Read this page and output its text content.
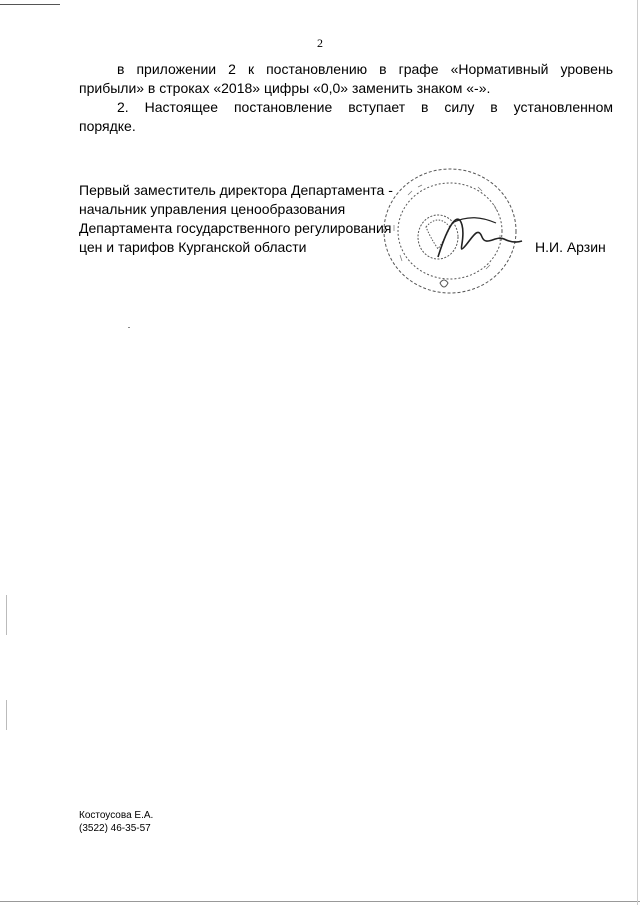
2

в приложении 2 к постановлению в графе «Нормативный уровень

прибыли» в строках «2018» цифры «0,0» заменить знаком «-».

2. Настоящее постановление вступает в силу в установленном

порядке.

Первый заместитель директора Департамента -
начальник управления ценообразования
Департамента государственного регулирования
цен и тарифов Курганской области	Н.И. Арзин
Костоусова Е.А.
(3522) 46-35-57
